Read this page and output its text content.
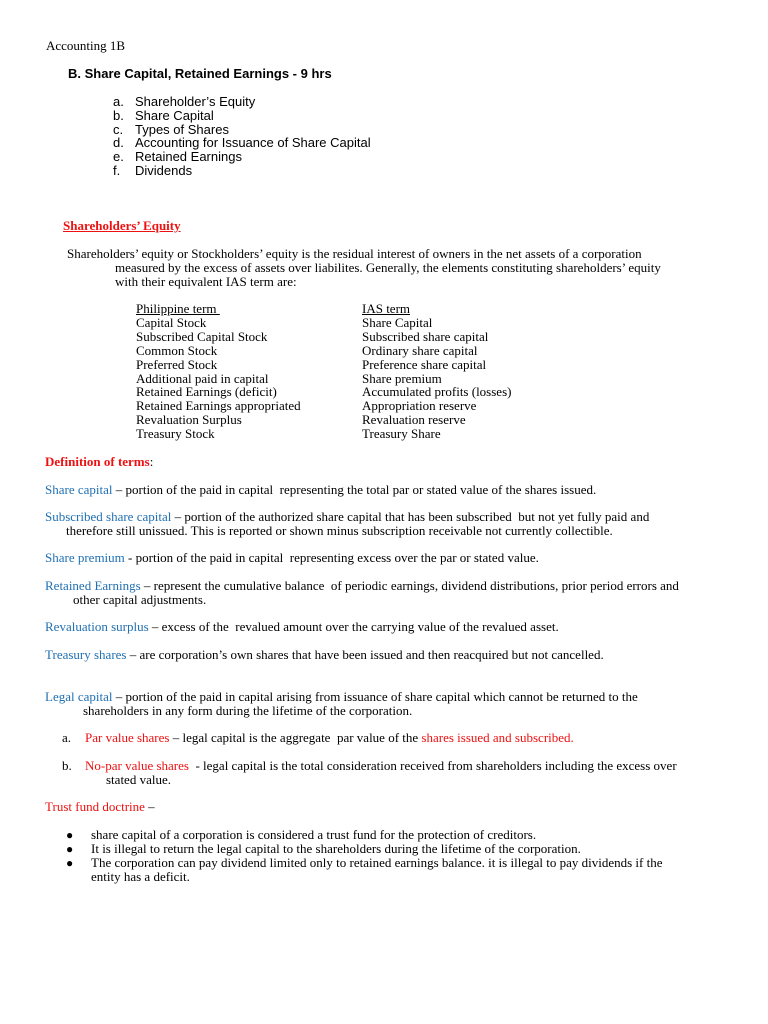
Accounting 1B
B. Share Capital, Retained Earnings - 9 hrs
a. Shareholder’s Equity
b. Share Capital
c. Types of Shares
d. Accounting for Issuance of Share Capital
e. Retained Earnings
f.	Dividends
Shareholders’ Equity
Shareholders’ equity or Stockholders’ equity is the residual interest of owners in the net assets of a corporation
measured by the excess of assets over liabilites. Generally, the elements constituting shareholders’ equity
with their equivalent IAS term are:
Philippine term
Capital Stock
Subscribed Capital Stock
Common Stock
Preferred Stock
Additional paid in capital
Retained Earnings (deficit)
Retained Earnings appropriated
Revaluation Surplus
Treasury Stock
IAS term
Share Capital
Subscribed share capital
Ordinary share capital
Preference share capital
Share premium
Accumulated profits (losses)
Appropriation reserve
Revaluation reserve
Treasury Share
Definition of terms:
Share capital – portion of the paid in capital  representing the total par or stated value of the shares issued.
Subscribed share capital – portion of the authorized share capital that has been subscribed  but not yet fully paid and
therefore still unissued. This is reported or shown minus subscription receivable not currently collectible.
Share premium - portion of the paid in capital  representing excess over the par or stated value.
Retained Earnings – represent the cumulative balance  of periodic earnings, dividend distributions, prior period errors and
other capital adjustments.
Revaluation surplus – excess of the  revalued amount over the carrying value of the revalued asset.
Treasury shares – are corporation’s own shares that have been issued and then reacquired but not cancelled.
Legal capital – portion of the paid in capital arising from issuance of share capital which cannot be returned to the
shareholders in any form during the lifetime of the corporation.
a. Par value shares – legal capital is the aggregate  par value of the shares issued and subscribed.
b. No-par value shares  - legal capital is the total consideration received from shareholders including the excess over
stated value.
Trust fund doctrine –
● share capital of a corporation is considered a trust fund for the protection of creditors.
● It is illegal to return the legal capital to the shareholders during the lifetime of the corporation.
● The corporation can pay dividend limited only to retained earnings balance. it is illegal to pay dividends if the
entity has a deficit.
